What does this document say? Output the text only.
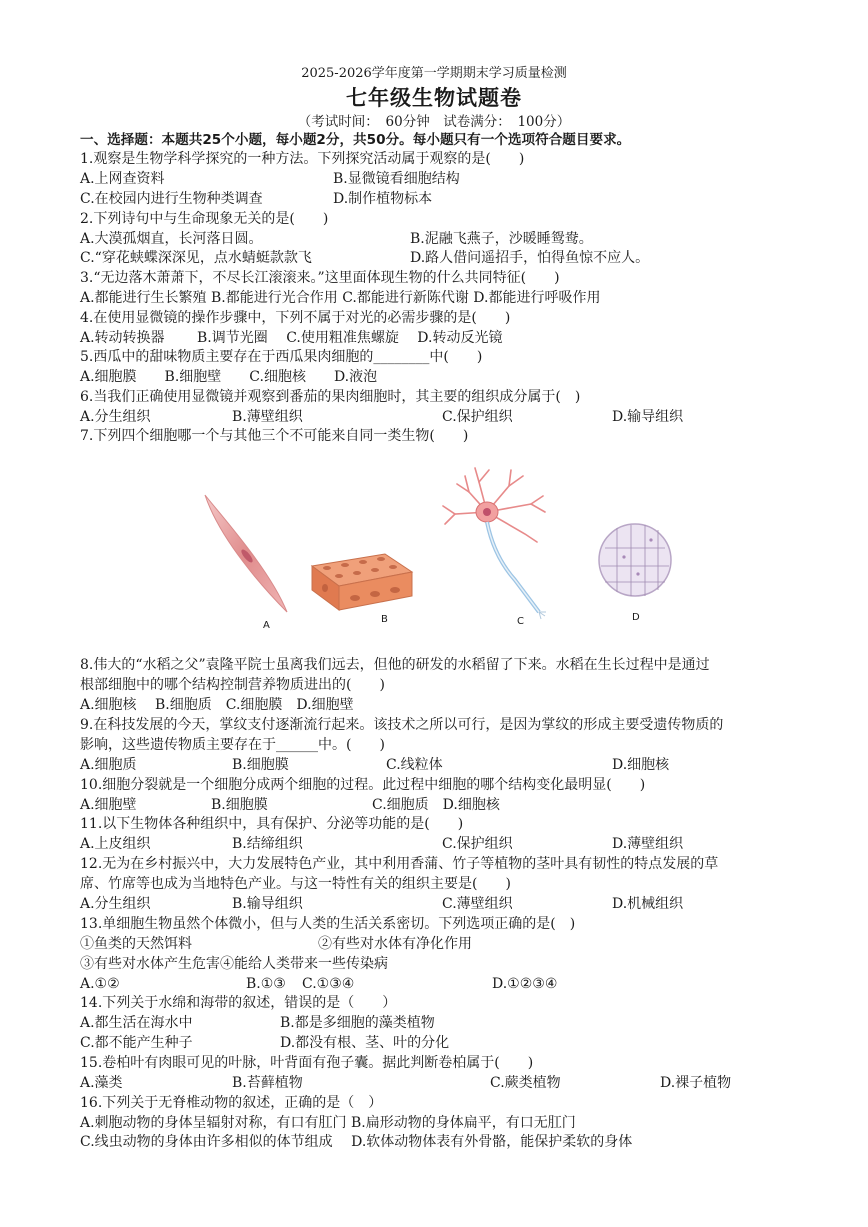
2025-2026学年度第一学期期末学习质量检测
七年级生物试题卷
（考试时间：　60分钟　试卷满分：　100分）
一、选择题：本题共25个小题，每小题2分，共50分。每小题只有一个选项符合题目要求。
1.观察是生物学科学探究的一种方法。下列探究活动属于观察的是(　　)
A.上网查资料	B.显微镜看细胞结构
C.在校园内进行生物种类调查	D.制作植物标本
2.下列诗句中与生命现象无关的是(　　)
A.大漠孤烟直，长河落日圆。	B.泥融飞燕子，沙暖睡鸳鸯。
C.“穿花蛱蝶深深见，点水蜻蜓款款飞	D.路人借问遥招手，怕得鱼惊不应人。
3.“无边落木萧萧下，不尽长江滚滚来。”这里面体现生物的什么共同特征(　　)
A.都能进行生长繁殖 B.都能进行光合作用 C.都能进行新陈代谢 D.都能进行呼吸作用
4.在使用显微镜的操作步骤中，下列不属于对光的必需步骤的是(　　)
A.转动转换器　　 B.调节光圈　 C.使用粗准焦螺旋　 D.转动反光镜
5.西瓜中的甜味物质主要存在于西瓜果肉细胞的________中(　　)
A.细胞膜　　B.细胞壁　　C.细胞核　　D.液泡
6.当我们正确使用显微镜并观察到番茄的果肉细胞时，其主要的组织成分属于(　)
A.分生组织	B.薄壁组织	C.保护组织	D.输导组织
7.下列四个细胞哪一个与其他三个不可能来自同一类生物(　　)
A
B	C	D
8.伟大的“水稻之父”袁隆平院士虽离我们远去，但他的研发的水稻留了下来。水稻在生长过程中是通过
根部细胞中的哪个结构控制营养物质进出的(　　)
A.细胞核　 B.细胞质　C.细胞膜　D.细胞壁
9.在科技发展的今天，掌纹支付逐渐流行起来。该技术之所以可行，是因为掌纹的形成主要受遗传物质的
影响，这些遗传物质主要存在于______中。(　　)
A.细胞质	B.细胞膜	C.线粒体	D.细胞核
10.细胞分裂就是一个细胞分成两个细胞的过程。此过程中细胞的哪个结构变化最明显(　　)
A.细胞壁　　　　　 B.细胞膜	C.细胞质　D.细胞核
11.以下生物体各种组织中，具有保护、分泌等功能的是(　　)
A.上皮组织	B.结缔组织	C.保护组织	D.薄壁组织
12.无为在乡村振兴中，大力发展特色产业，其中利用香蒲、竹子等植物的茎叶具有韧性的特点发展的草
席、竹席等也成为当地特色产业。与这一特性有关的组织主要是(　　)
A.分生组织	B.输导组织	C.薄壁组织	D.机械组织
13.单细胞生物虽然个体微小，但与人类的生活关系密切。下列选项正确的是(　)
①鱼类的天然饵料	②有些对水体有净化作用
③有些对水体产生危害④能给人类带来一些传染病
A.①②	B.①③ C.①③④	D.①②③④
14.下列关于水绵和海带的叙述，错误的是（　　）
A.都生活在海水中	B.都是多细胞的藻类植物
C.都不能产生种子	D.都没有根、茎、叶的分化
15.卷柏叶有肉眼可见的叶脉，叶背面有孢子囊。据此判断卷柏属于(　　)
A.藻类	B.苔藓植物	C.蕨类植物	D.裸子植物
16.下列关于无脊椎动物的叙述，正确的是（　）
A.刺胞动物的身体呈辐射对称，有口有肛门 B.扁形动物的身体扁平，有口无肛门
C.线虫动物的身体由许多相似的体节组成　 D.软体动物体表有外骨骼，能保护柔软的身体
